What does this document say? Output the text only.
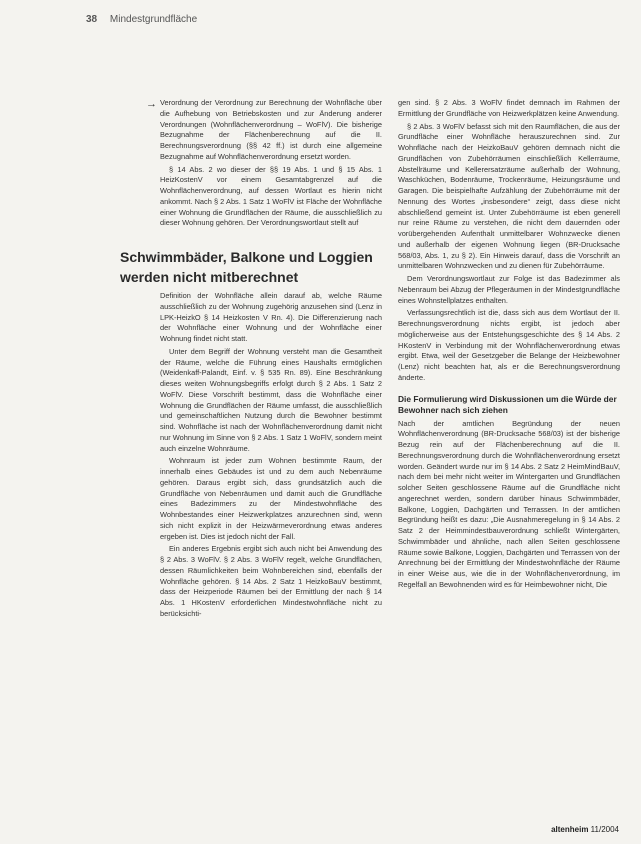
38 Mindestgrundfläche
→ Verordnung der Verordnung zur Berechnung der Wohnfläche über die Aufhebung von Betriebskosten und zur Änderung anderer Verordnungen (Wohnflächenverordnung – WoFlV). Die bisherige Bezugnahme der Flächenberechnung auf die II. Berechnungsverordnung (§§ 42 ff.) ist durch eine allgemeine Bezugnahme auf Wohnflächenverordnung ersetzt worden.

§ 14 Abs. 2 wo dieser der §§ 19 Abs. 1 und § 15 Abs. 1 HeizKostenV vor einem Gesamtabgrenzel auf die Wohnflächenverordnung, auf dessen Wortlaut es hierin nicht ankommt. Nach § 2 Abs. 1 Satz 1 WoFlV ist Fläche der Wohnfläche einer Wohnung die Grundflächen der Räume, die ausschließlich zu dieser Wohnung gehören. Der Verordnungswortlaut stellt auf

Schwimmbäder, Balkone und Loggien werden nicht mitberechnet

Definition der Wohnfläche allein darauf ab, welche Räume ausschließlich zu der Wohnung zugehörig anzusehen sind (Lenz in LPK-HeizkO § 14 Heizkosten V Rn. 4). Die Differenzierung nach der Wohnfläche einer Wohnung und der Wohnfläche einer Wohnung findet nicht statt.

Unter dem Begriff der Wohnung versteht man die Gesamtheit der Räume, welche die Führung eines Haushalts ermöglichen (Weidenkaff-Palandt, Einf. v. § 535 Rn. 89). Eine Beschränkung dieses weiten Wohnungsbegriffs erfolgt durch § 2 Abs. 1 Satz 2 WoFlV. Diese Vorschrift bestimmt, dass die Wohnfläche einer Wohnung die Grundflächen der Räume umfasst, die ausschließlich und gemeinschaftlichen Nutzung durch die Bewohner bestimmt sind. Wohnfläche ist nach der Wohnflächenverordnung damit nicht nur Wohnung im Sinne von § 2 Abs. 1 Satz 1 WoFlV, sondern meint auch einzelne Wohnräume.

Wohnraum ist jeder zum Wohnen bestimmte Raum, der innerhalb eines Gebäudes ist und zu dem auch Nebenräume gehören. Daraus ergibt sich, dass grundsätzlich auch die Grundfläche von Nebenräumen und damit auch die Grundfläche eines Badezimmers zu der Mindestwohnfläche des Wohnbestandes einer Heizwerkplatzes anzurechnen sind, wenn sich nicht explizit in der Heizwärmeverordnung etwas anderes ergeben ist. Dies ist jedoch nicht der Fall.

Ein anderes Ergebnis ergibt sich auch nicht bei Anwendung des § 2 Abs. 3 WoFlV. § 2 Abs. 3 WoFlV regelt, welche Grundflächen, dessen Räumlichkeiten beim Wohnbereichen sind, ebenfalls der Wohnfläche gehören. § 14 Abs. 2 Satz 1 HeizkoBauV bestimmt, dass der Heizperiode Räumen bei der Ermittlung der nach § 14 Abs. 1 HKostenV erforderlichen Mindestwohnfläche nicht zu berücksichti-

gen sind. § 2 Abs. 3 WoFlV findet demnach im Rahmen der Ermittlung der Grundfläche von Heizwerkplätzen keine Anwendung.

§ 2 Abs. 3 WoFlV befasst sich mit den Raumflächen, die aus der Grundfläche einer Wohnfläche herauszurechnen sind. Zur Wohnfläche nach der HeizkoBauV gehören demnach nicht die Grundflächen von Zubehörräumen einschließlich Kellerräume, Abstellräume und Kellerersatzräume außerhalb der Wohnung, Waschküchen, Bodenräume, Trockenräume, Heizungsräume und Garagen. Die beispielhafte Aufzählung der Zubehörräume mit der Nennung des Wortes „insbesondere“ zeigt, dass diese nicht abschließend gemeint ist. Unter Zubehörräume ist eben generell nur reine Räume zu verstehen, die nicht dem dauernden oder vorübergehenden Aufenthalt unmittelbarer Wohnzwecke dienen und außerhalb der eigenen Wohnung liegen (BR-Drucksache 568/03, Abs. 1, zu § 2). Ein Hinweis darauf, dass die Vorschrift an unmittelbaren Wohnzwecken und zu dienen für Zubehörräume.

Dem Verordnungswortlaut zur Folge ist das Badezimmer als Nebenraum bei Abzug der Pflegeräumen in der Mindestgrundfläche eines Wohnstellplatzes enthalten.

Verfassungsrechtlich ist die, dass sich aus dem Wortlaut der II. Berechnungsverordnung nichts ergibt, ist jedoch aber möglicherweise aus der Entstehungsgeschichte des § 14 Abs. 2 HKostenV in Verbindung mit der Wohnflächenverordnung etwas ergibt. Etwa, weil der Gesetzgeber die Belange der Heizbewohner (Lenz) nicht beachten hat, als er die Berechnungsverordnung änderte.

Die Formulierung wird Diskussionen um die Würde der Bewohner nach sich ziehen

Nach der amtlichen Begründung der neuen Wohnflächenverordnung (BR-Drucksache 568/03) ist der bisherige Bezug rein auf der Flächenberechnung auf die II. Berechnungsverordnung durch die Wohnflächenverordnung ersetzt worden. Geändert wurde nur im § 14 Abs. 2 Satz 2 HeimMindBauV, nach dem bei mehr nicht weiter im Wintergarten und Grundflächen solcher Seiten geschlossene Räume auf die Grundfläche nicht angerechnet werden, sondern darüber hinaus Schwimmbäder, Balkone, Loggien, Dachgärten und Terrassen. In der amtlichen Begründung heißt es dazu: „Die Ausnahmeregelung in § 14 Abs. 2 Satz 2 der Heimmindestbauverordnung schließt Wintergärten, Schwimmbäder und ähnliche, nach allen Seiten geschlossene Räume sowie Balkone, Loggien, Dachgärten und Terrassen von der Anrechnung bei der Ermittlung der Mindestwohnfläche der Räume in einer Weise aus, wie die in der Wohnflächenverordnung, im Regelfall an Bewohnenden wird es für Heimbewohner nicht, Die

altenheim 11/2004
